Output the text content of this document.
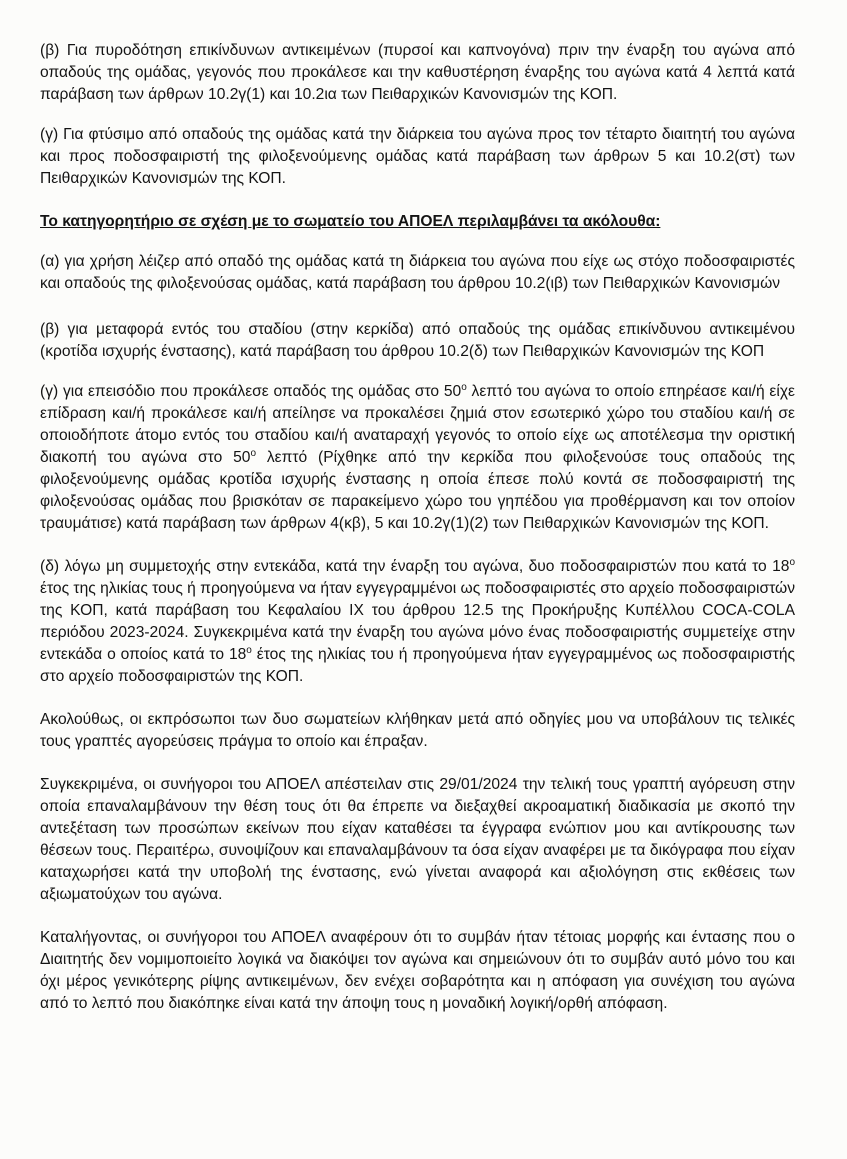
(β) Για πυροδότηση επικίνδυνων αντικειμένων (πυρσοί και καπνογόνα) πριν την έναρξη του αγώνα από οπαδούς της ομάδας, γεγονός που προκάλεσε και την καθυστέρηση έναρξης του αγώνα κατά 4 λεπτά κατά παράβαση των άρθρων 10.2γ(1) και 10.2ια των Πειθαρχικών Κανονισμών της ΚΟΠ.

(γ) Για φτύσιμο από οπαδούς της ομάδας κατά την διάρκεια του αγώνα προς τον τέταρτο διαιτητή του αγώνα και προς ποδοσφαιριστή της φιλοξενούμενης ομάδας κατά παράβαση των άρθρων 5 και 10.2(στ) των Πειθαρχικών Κανονισμών της ΚΟΠ.

Το κατηγορητήριο σε σχέση με το σωματείο του ΑΠΟΕΛ περιλαμβάνει τα ακόλουθα:

(α) για χρήση λέιζερ από οπαδό της ομάδας κατά τη διάρκεια του αγώνα που είχε ως στόχο ποδοσφαιριστές και οπαδούς της φιλοξενούσας ομάδας, κατά παράβαση του άρθρου 10.2(ιβ) των Πειθαρχικών Κανονισμών

(β) για μεταφορά εντός του σταδίου (στην κερκίδα) από οπαδούς της ομάδας επικίνδυνου αντικειμένου (κροτίδα ισχυρής ένστασης), κατά παράβαση του άρθρου 10.2(δ) των Πειθαρχικών Κανονισμών της ΚΟΠ

(γ) για επεισόδιο που προκάλεσε οπαδός της ομάδας στο $50^o$ λεπτό του αγώνα το οποίο επηρέασε και/ή είχε επίδραση και/ή προκάλεσε και/ή απείλησε να προκαλέσει ζημιά στον εσωτερικό χώρο του σταδίου και/ή σε οποιοδήποτε άτομο εντός του σταδίου και/ή αναταραχή γεγονός το οποίο είχε ως αποτέλεσμα την οριστική διακοπή του αγώνα στο $50^o$ λεπτό (Ρίχθηκε από την κερκίδα που φιλοξενούσε τους οπαδούς της φιλοξενούμενης ομάδας κροτίδα ισχυρής ένστασης η οποία έπεσε πολύ κοντά σε ποδοσφαιριστή της φιλοξενούσας ομάδας που βρισκόταν σε παρακείμενο χώρο του γηπέδου για προθέρμανση και τον οποίον τραυμάτισε) κατά παράβαση των άρθρων 4(κβ), 5 και 10.2γ(1)(2) των Πειθαρχικών Κανονισμών της ΚΟΠ.

(δ) λόγω μη συμμετοχής στην εντεκάδα, κατά την έναρξη του αγώνα, δυο ποδοσφαιριστών που κατά το $18^o$ έτος της ηλικίας τους ή προηγούμενα να ήταν εγγεγραμμένοι ως ποδοσφαιριστές στο αρχείο ποδοσφαιριστών της ΚΟΠ, κατά παράβαση του Κεφαλαίου ΙΧ του άρθρου 12.5 της Προκήρυξης Κυπέλλου COCA-COLA περιόδου 2023-2024. Συγκεκριμένα κατά την έναρξη του αγώνα μόνο ένας ποδοσφαιριστής συμμετείχε στην εντεκάδα ο οποίος κατά το $18^o$ έτος της ηλικίας του ή προηγούμενα ήταν εγγεγραμμένος ως ποδοσφαιριστής στο αρχείο ποδοσφαιριστών της ΚΟΠ.

Ακολούθως, οι εκπρόσωποι των δυο σωματείων κλήθηκαν μετά από οδηγίες μου να υποβάλουν τις τελικές τους γραπτές αγορεύσεις πράγμα το οποίο και έπραξαν.

Συγκεκριμένα, οι συνήγοροι του ΑΠΟΕΛ απέστειλαν στις 29/01/2024 την τελική τους γραπτή αγόρευση στην οποία επαναλαμβάνουν την θέση τους ότι θα έπρεπε να διεξαχθεί ακροαματική διαδικασία με σκοπό την αντεξέταση των προσώπων εκείνων που είχαν καταθέσει τα έγγραφα ενώπιον μου και αντίκρουσης των θέσεων τους. Περαιτέρω, συνοψίζουν και επαναλαμβάνουν τα όσα είχαν αναφέρει με τα δικόγραφα που είχαν καταχωρήσει κατά την υποβολή της ένστασης, ενώ γίνεται αναφορά και αξιολόγηση στις εκθέσεις των αξιωματούχων του αγώνα.

Καταλήγοντας, οι συνήγοροι του ΑΠΟΕΛ αναφέρουν ότι το συμβάν ήταν τέτοιας μορφής και έντασης που ο Διαιτητής δεν νομιμοποιείτο λογικά να διακόψει τον αγώνα και σημειώνουν ότι το συμβάν αυτό μόνο του και όχι μέρος γενικότερης ρίψης αντικειμένων, δεν ενέχει σοβαρότητα και η απόφαση για συνέχιση του αγώνα από το λεπτό που διακόπηκε είναι κατά την άποψη τους η μοναδική λογική/ορθή απόφαση.
